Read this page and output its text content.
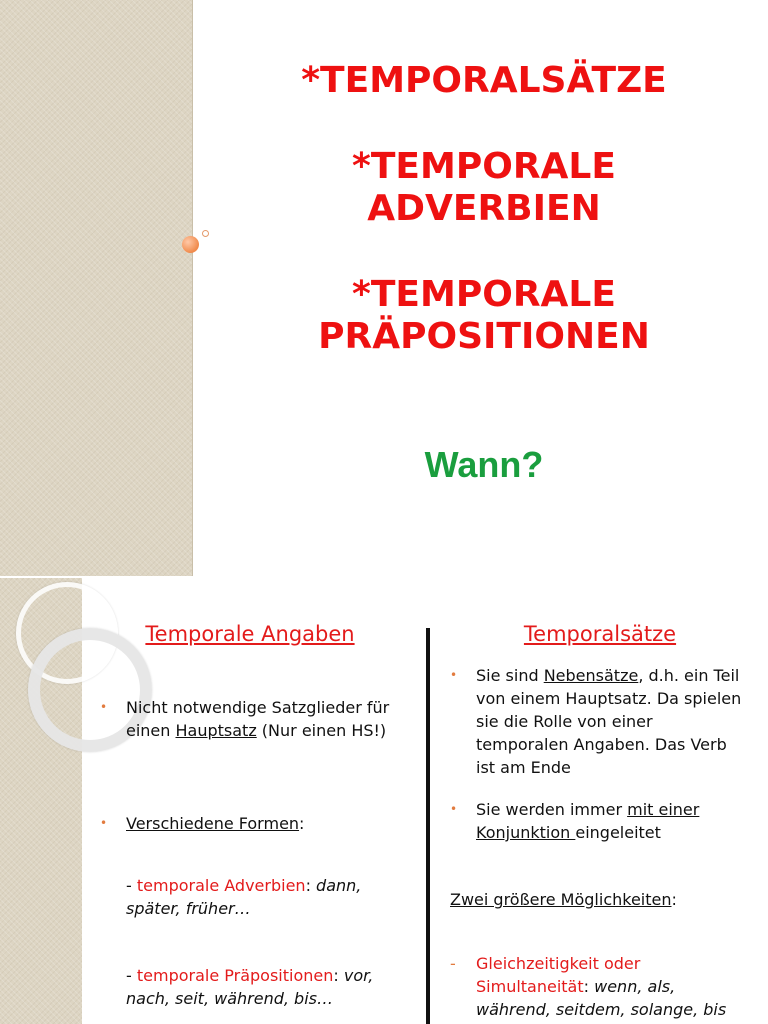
*TEMPORALSÄTZE
*TEMPORALE
ADVERBIEN
*TEMPORALE
PRÄPOSITIONEN
Wann?
Temporale Angaben
•	Nicht notwendige Satzglieder für einen Hauptsatz (Nur einen HS!)
•	Verschiedene Formen:
- temporale Adverbien: dann, später, früher…
- temporale Präpositionen: vor, nach, seit, während, bis…
Temporalsätze
•	Sie sind Nebensätze, d.h. ein Teil von einem Hauptsatz. Da spielen sie die Rolle von einer temporalen Angaben. Das Verb ist am Ende
•	Sie werden immer mit einer Konjunktion eingeleitet
Zwei größere Möglichkeiten:
-	Gleichzeitigkeit oder Simultaneität: wenn, als, während, seitdem, solange, bis
